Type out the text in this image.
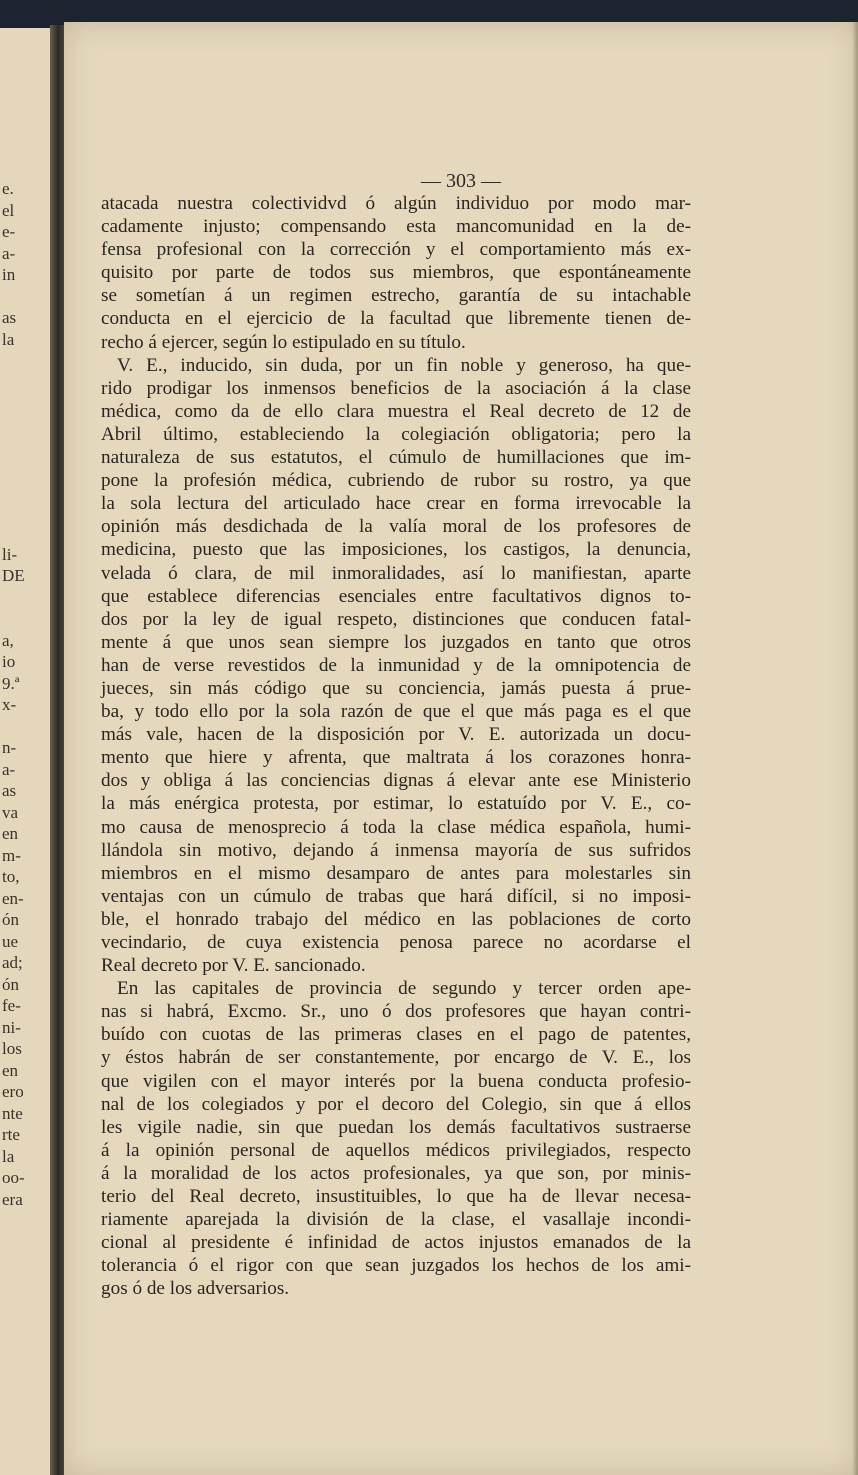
e.
el
e-
a-
in
as
la
li-
DE
a,
io
9.ª
x-
n-
a-
as
va
en
m-
to,
en-
ón
ue
ad;
ón
fe-
ni-
los
en
ero
nte
rte
la
oo-
era
— 303 —
atacada nuestra colectividvd ó algún individuo por modo mar-
cadamente injusto; compensando esta mancomunidad en la de-
fensa profesional con la corrección y el comportamiento más ex-
quisito por parte de todos sus miembros, que espontáneamente
se sometían á un regimen estrecho, garantía de su intachable
conducta en el ejercicio de la facultad que libremente tienen de-
recho á ejercer, según lo estipulado en su título.
V. E., inducido, sin duda, por un fin noble y generoso, ha que-
rido prodigar los inmensos beneficios de la asociación á la clase
médica, como da de ello clara muestra el Real decreto de 12 de
Abril último, estableciendo la colegiación obligatoria; pero la
naturaleza de sus estatutos, el cúmulo de humillaciones que im-
pone la profesión médica, cubriendo de rubor su rostro, ya que
la sola lectura del articulado hace crear en forma irrevocable la
opinión más desdichada de la valía moral de los profesores de
medicina, puesto que las imposiciones, los castigos, la denuncia,
velada ó clara, de mil inmoralidades, así lo manifiestan, aparte
que establece diferencias esenciales entre facultativos dignos to-
dos por la ley de igual respeto, distinciones que conducen fatal-
mente á que unos sean siempre los juzgados en tanto que otros
han de verse revestidos de la inmunidad y de la omnipotencia de
jueces, sin más código que su conciencia, jamás puesta á prue-
ba, y todo ello por la sola razón de que el que más paga es el que
más vale, hacen de la disposición por V. E. autorizada un docu-
mento que hiere y afrenta, que maltrata á los corazones honra-
dos y obliga á las conciencias dignas á elevar ante ese Ministerio
la más enérgica protesta, por estimar, lo estatuído por V. E., co-
mo causa de menosprecio á toda la clase médica española, humi-
llándola sin motivo, dejando á inmensa mayoría de sus sufridos
miembros en el mismo desamparo de antes para molestarles sin
ventajas con un cúmulo de trabas que hará difícil, si no imposi-
ble, el honrado trabajo del médico en las poblaciones de corto
vecindario, de cuya existencia penosa parece no acordarse el
Real decreto por V. E. sancionado.
En las capitales de provincia de segundo y tercer orden ape-
nas si habrá, Excmo. Sr., uno ó dos profesores que hayan contri-
buído con cuotas de las primeras clases en el pago de patentes,
y éstos habrán de ser constantemente, por encargo de V. E., los
que vigilen con el mayor interés por la buena conducta profesio-
nal de los colegiados y por el decoro del Colegio, sin que á ellos
les vigile nadie, sin que puedan los demás facultativos sustraerse
á la opinión personal de aquellos médicos privilegiados, respecto
á la moralidad de los actos profesionales, ya que son, por minis-
terio del Real decreto, insustituibles, lo que ha de llevar necesa-
riamente aparejada la división de la clase, el vasallaje incondi-
cional al presidente é infinidad de actos injustos emanados de la
tolerancia ó el rigor con que sean juzgados los hechos de los ami-
gos ó de los adversarios.
